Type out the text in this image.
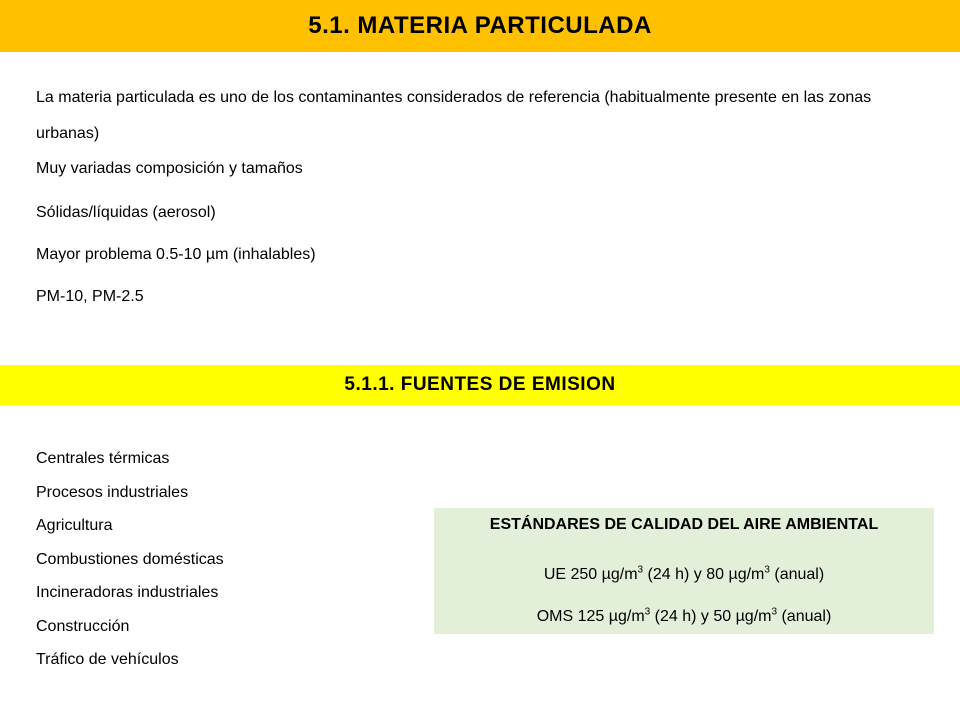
5.1. MATERIA PARTICULADA

La materia particulada es uno de los contaminantes considerados de referencia (habitualmente presente en las zonas urbanas)

Muy variadas composición y tamaños

Sólidas/líquidas (aerosol)

Mayor problema 0.5-10 µm (inhalables)

PM-10, PM-2.5

5.1.1. FUENTES DE EMISION
Centrales térmicas
Procesos industriales
Agricultura
Combustiones domésticas
Incineradoras industriales
Construcción
Tráfico de vehículos
ESTÁNDARES DE CALIDAD DEL AIRE AMBIENTAL
UE 250 $\mu g/m^3$ (24 h) y 80 $\mu g/m^3$ (anual)
OMS 125 $\mu g/m^3$ (24 h) y 50 $\mu g/m^3$ (anual)
